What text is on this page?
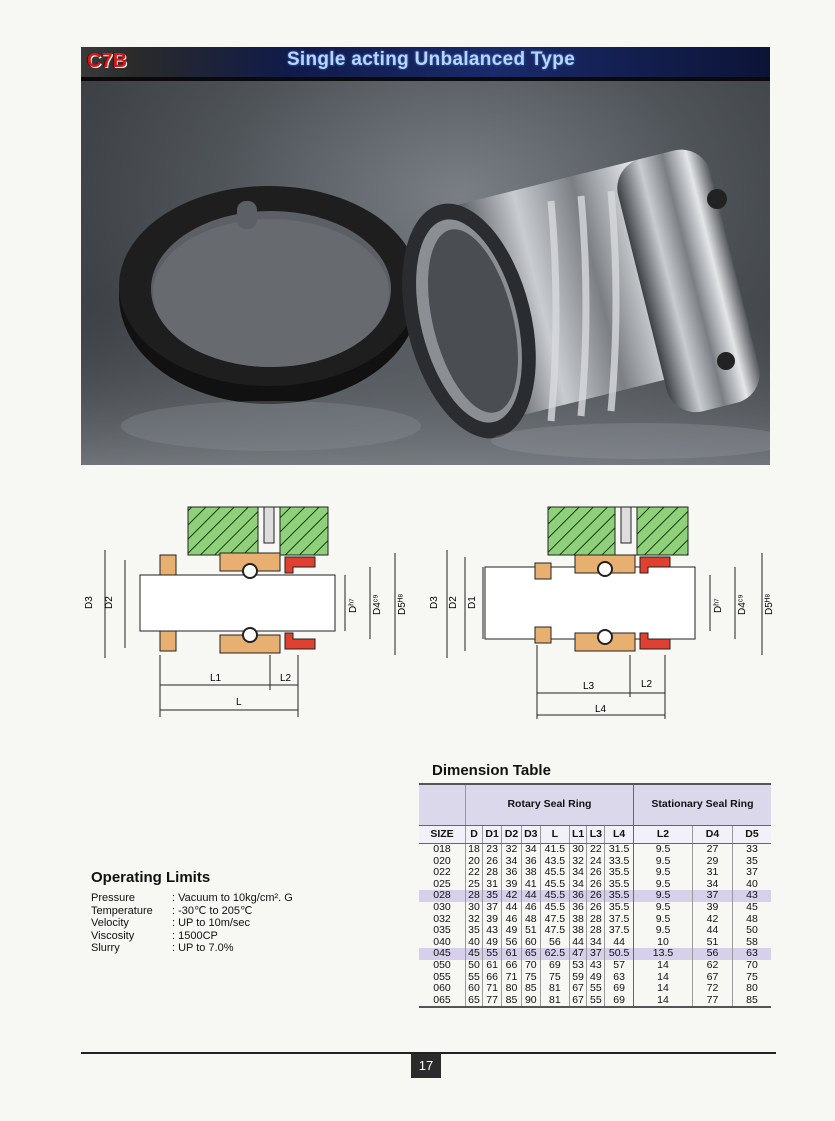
C7B	Single acting Unbalanced Type
D3 D2	Dʰ⁷ D4ᶜ⁹ D5ᴴ⁸
L1	L2
L
D3 D2 D1	Dʰ⁷ D4ᶜ⁹ D5ᴴ⁸
L3	L2
L4
Dimension Table
	Rotary Seal Ring								Stationary Seal Ring		
SIZE	D	D1	D2	D3	L	L1	L3	L4	L2	D4	D5
018	18	23	32	34	41.5	30	22	31.5	9.5	27	33
020	20	26	34	36	43.5	32	24	33.5	9.5	29	35
022	22	28	36	38	45.5	34	26	35.5	9.5	31	37
025	25	31	39	41	45.5	34	26	35.5	9.5	34	40
028	28	35	42	44	45.5	36	26	35.5	9.5	37	43
030	30	37	44	46	45.5	36	26	35.5	9.5	39	45
032	32	39	46	48	47.5	38	28	37.5	9.5	42	48
035	35	43	49	51	47.5	38	28	37.5	9.5	44	50
040	40	49	56	60	56	44	34	44	10	51	58
045	45	55	61	65	62.5	47	37	50.5	13.5	56	63
050	50	61	66	70	69	53	43	57	14	62	70
055	55	66	71	75	75	59	49	63	14	67	75
060	60	71	80	85	81	67	55	69	14	72	80
065	65	77	85	90	81	67	55	69	14	77	85
Operating Limits
Pressure	: Vacuum to 10kg/cm². G
Temperature	: -30℃ to 205℃
Velocity	: UP to 10m/sec
Viscosity	: 1500CP
Slurry	: UP to 7.0%
17
